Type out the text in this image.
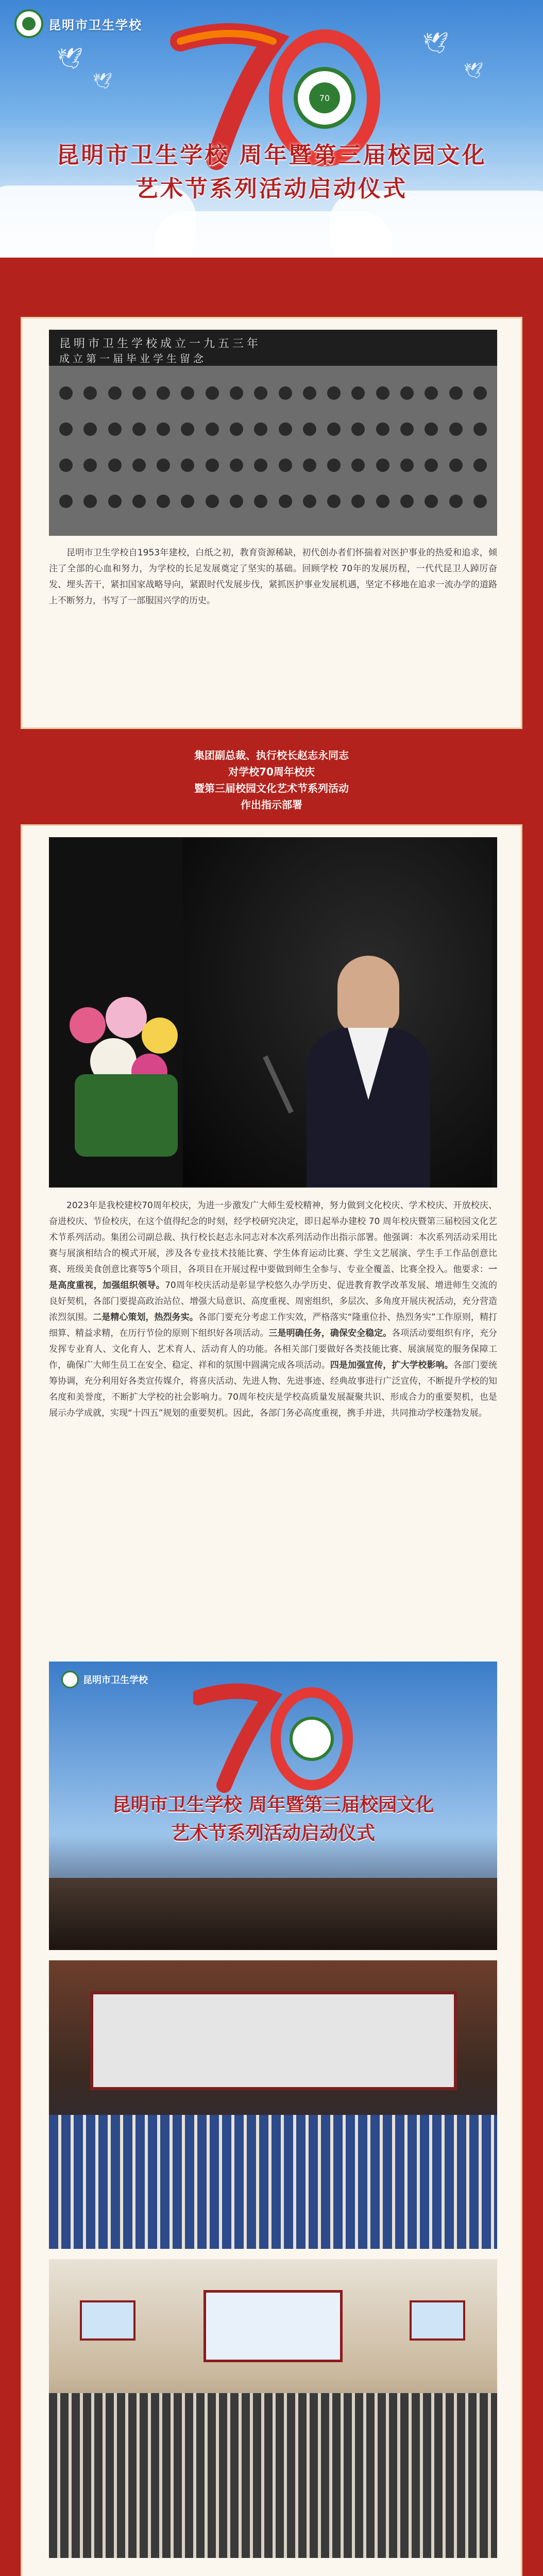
🕊
🕊
🕊
🕊
昆明市卫生学校
70
昆明市卫生学校 周年暨第三届校园文化
艺术节系列活动启动仪式
昆明市卫生学校成立一九五三年
成立第一届毕业学生留念
昆明市卫生学校自1953年建校，白纸之初，教育资源稀缺，初代创办者们怀揣着对医护事业的热爱和追求，倾注了全部的心血和努力，为学校的长足发展奠定了坚实的基础。回顾学校 70年的发展历程，一代代昆卫人踔厉奋发、埋头苦干，紧扣国家战略导向，紧跟时代发展步伐，紧抓医护事业发展机遇，坚定不移地在追求一流办学的道路上不断努力，书写了一部服国兴学的历史。
集团副总裁、执行校长赵志永同志
对学校70周年校庆
暨第三届校园文化艺术节系列活动
作出指示部署
2023年是我校建校70周年校庆，为进一步激发广大师生爱校精神，努力做到文化校庆、学术校庆、开放校庆、奋进校庆、节俭校庆，在这个值得纪念的时刻，经学校研究决定，即日起举办建校 70 周年校庆暨第三届校园文化艺术节系列活动。集团公司副总裁、执行校长赵志永同志对本次系列活动作出指示部署。他强调：本次系列活动采用比赛与展演相结合的模式开展，涉及各专业技术技能比赛、学生体育运动比赛、学生文艺展演、学生手工作品创意比赛、班级美食创意比赛等5个项目，各项目在开展过程中要做到师生全参与、专业全覆盖、比赛全投入。他要求：一是高度重视，加强组织领导。70周年校庆活动是彰显学校悠久办学历史、促进教育教学改革发展、增进师生交流的良好契机，各部门要提高政治站位、增强大局意识、高度重视、周密组织，多层次、多角度开展庆祝活动，充分营造浓烈氛围。二是精心策划，热烈务实。各部门要充分考虑工作实效，严格落实“隆重位扑、热烈务实”工作原则，精打细算、精益求精，在历行节俭的原则下组织好各项活动。三是明确任务，确保安全稳定。各项活动要组织有序，充分发挥专业育人、文化育人、艺术育人、活动育人的功能。各相关部门要做好各类技能比赛、展演展览的服务保障工作，确保广大师生员工在安全、稳定、祥和的氛围中圆满完成各项活动。四是加强宣传，扩大学校影响。各部门要统筹协调，充分利用好各类宣传媒介，将喜庆活动、先进人物、先进事迹、经典故事进行广泛宣传，不断提升学校的知名度和美誉度，不断扩大学校的社会影响力。70周年校庆是学校高质量发展凝聚共识、形成合力的重要契机，也是展示办学成就，实现“十四五”规划的重要契机。因此，各部门务必高度重视，携手并进，共同推动学校蓬勃发展。
昆明市卫生学校
昆明市卫生学校 周年暨第三届校园文化
艺术节系列活动启动仪式
